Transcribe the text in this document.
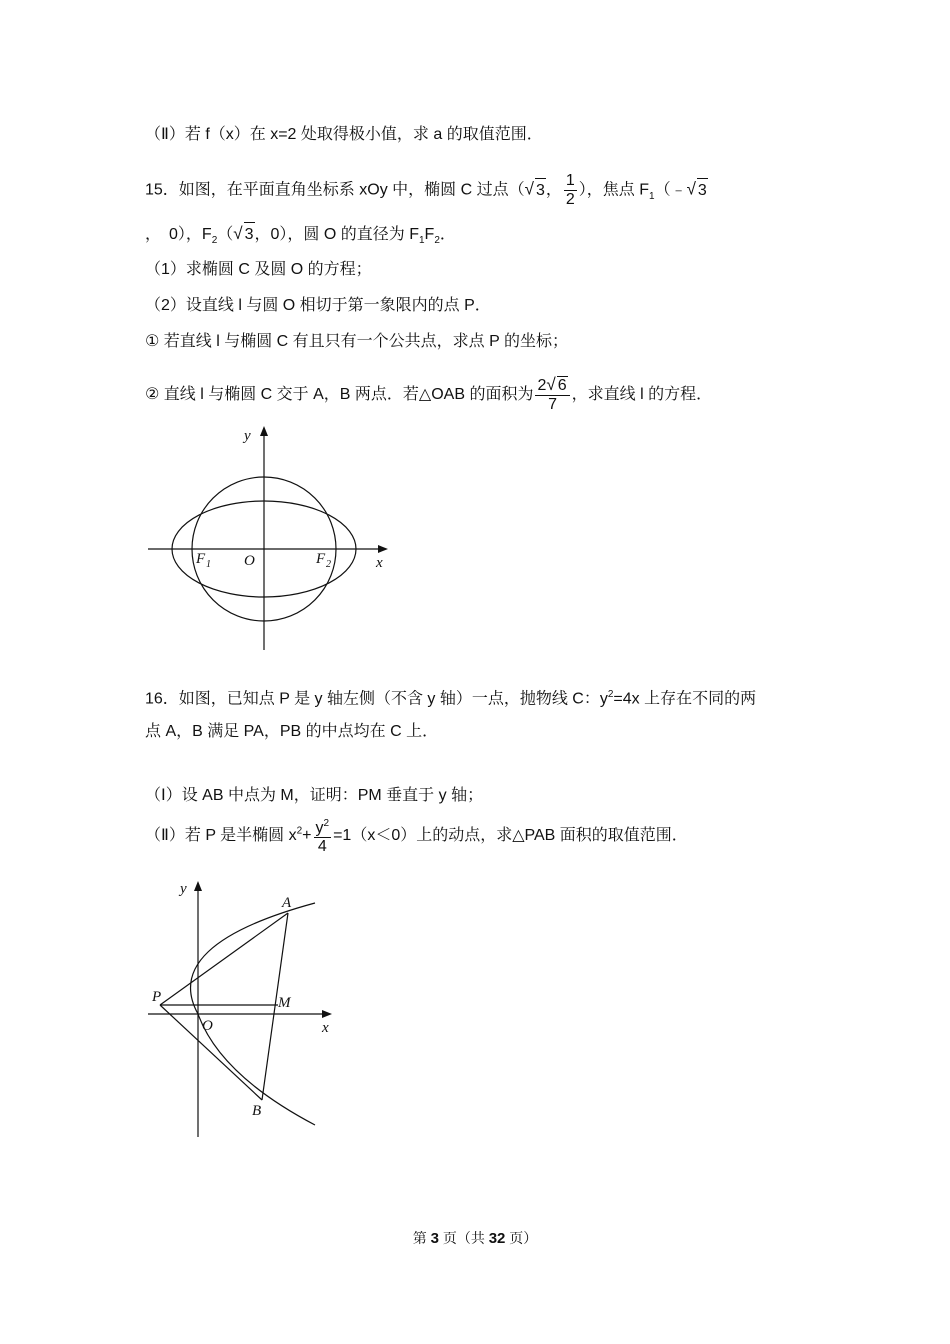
（Ⅱ）若 f（x）在 x=2 处取得极小值，求 a 的取值范围．
15．如图，在平面直角坐标系 xOy 中，椭圆 C 过点（√ 3， $\frac{1}{2}$ ），焦点 $F_1(﹣√$ 3
，　0），$F_2(√$ 3，0），圆 O 的直径为 $F_1F_2$．
（1）求椭圆 C 及圆 O 的方程；
（2）设直线 l 与圆 O 相切于第一象限内的点 P．
① 若直线 l 与椭圆 C 有且只有一个公共点，求点 P 的坐标；
② 直线 l 与椭圆 C 交于 A，B 两点．若△OAB 的面积为 $\frac{2√ 6}{7}$ ，求直线 l 的方程．
y
x
O
F 1	F 2
16．如图，已知点 P 是 y 轴左侧（不含 y 轴）一点，抛物线 C：$y^2=4x$ 上存在不同的两
点 A，B 满足 PA，PB 的中点均在 C 上．
（Ⅰ）设 AB 中点为 M，证明：PM 垂直于 y 轴；
（Ⅱ）若 P 是半椭圆 $x^2+ \frac{y^2}{4} =1(x<0)$上的动点，求△PAB 面积的取值范围．
y
x
O
A
B
P	M
第 3 页（共 32 页）
